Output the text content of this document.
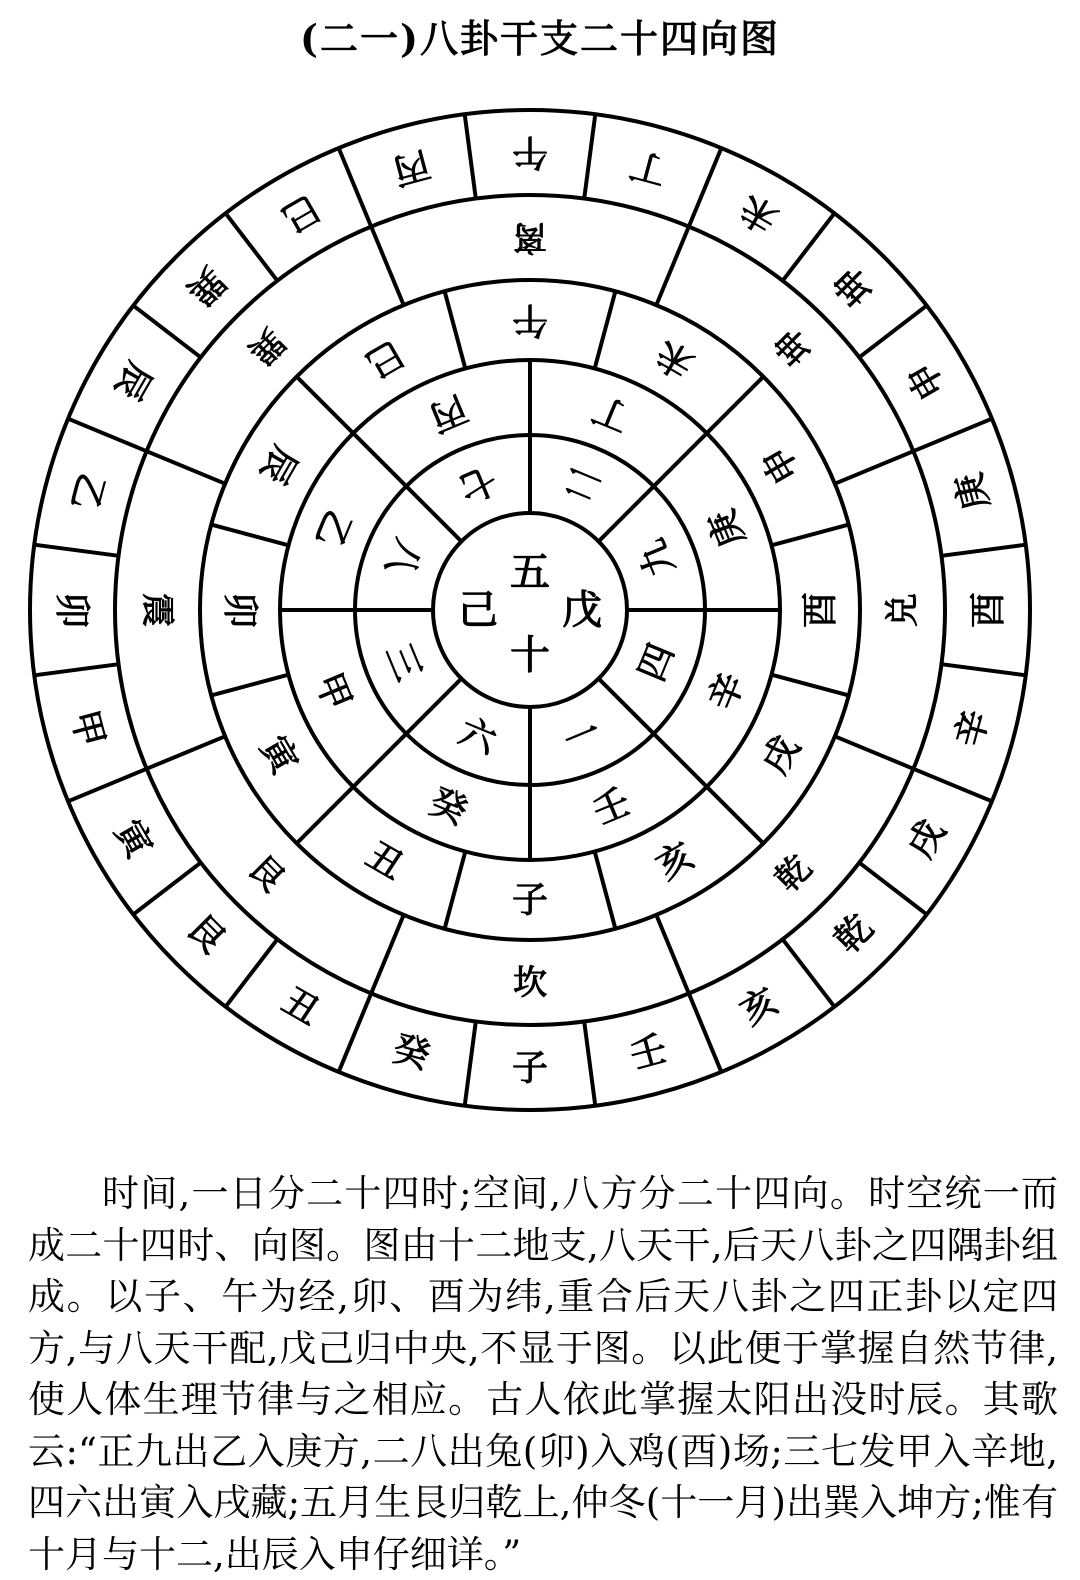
(二一)八卦干支二十四向图
五
己 戊
十
二
九
四
一
六
三
八
七
丁
庚
辛
壬
癸
甲
乙
丙
午
未
申
酉
戌
亥
子
丑
寅
卯
辰
巳
离
坤
兑
乾
坎
艮
震
巽
午 丁
未
坤
申
庚
酉
辛
戌
乾
亥
壬
子
癸
丑
艮
寅
甲
卯
乙
辰
巽
巳
丙

时间,一日分二十四时;空间,八方分二十四向。时空统一而成二十四时、向图。图由十二地支,八天干,后天八卦之四隅卦组成。以子、午为经,卯、酉为纬,重合后天八卦之四正卦以定四方,与八天干配,戊己归中央,不显于图。以此便于掌握自然节律,使人体生理节律与之相应。古人依此掌握太阳出没时辰。其歌云:“正九出乙入庚方,二八出兔(卯)入鸡(酉)场;三七发甲入辛地,四六出寅入戌藏;五月生艮归乾上,仲冬(十一月)出巽入坤方;惟有十月与十二,出辰入申仔细详。”
